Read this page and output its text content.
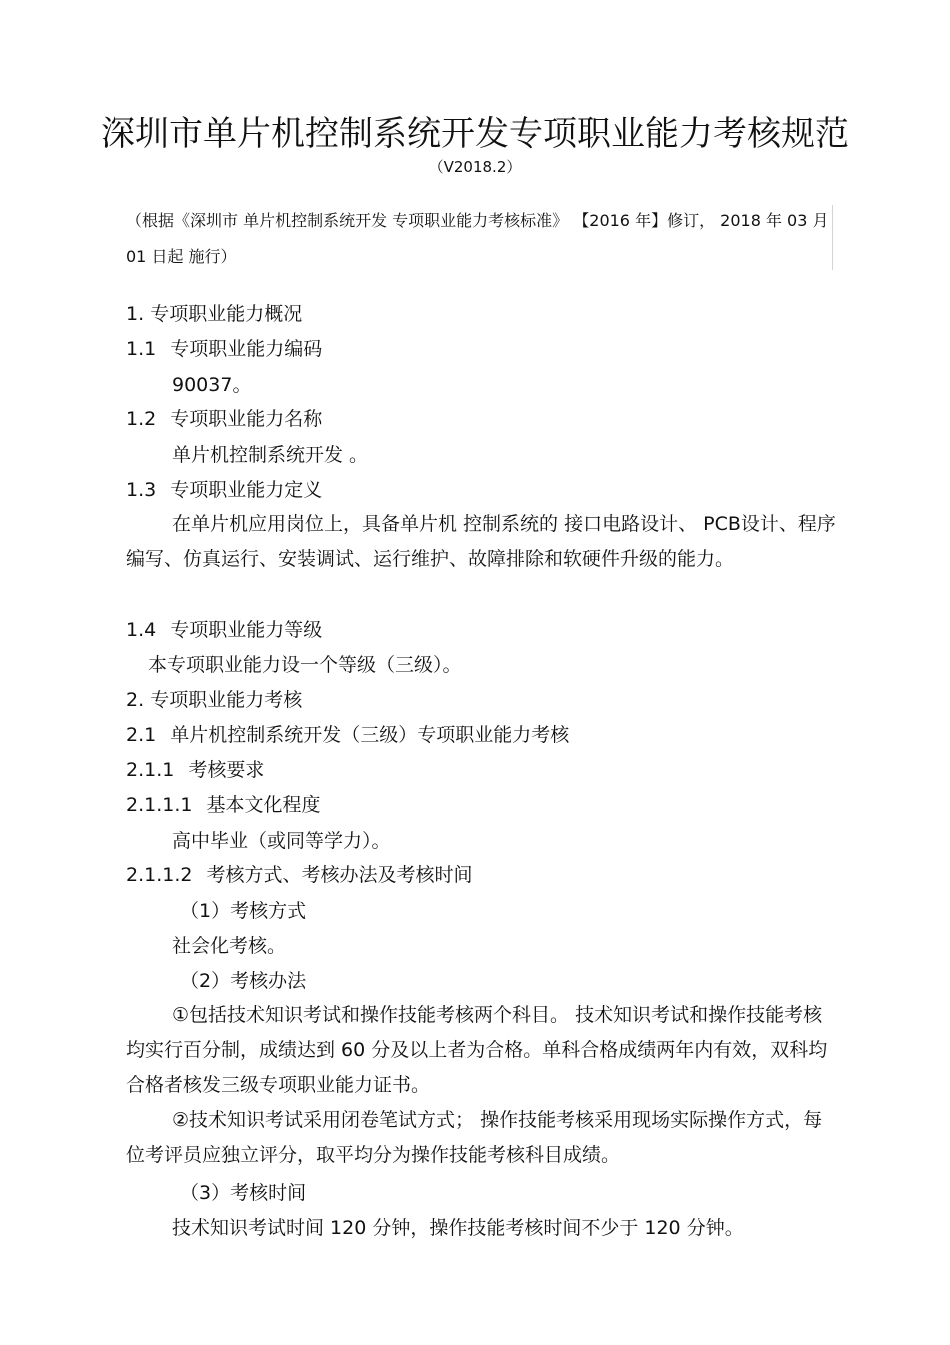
深圳市单片机控制系统开发专项职业能力考核规范
（V2018.2）
（根据《深圳市 单片机控制系统开发 专项职业能力考核标准》 【2016 年】修订， 2018 年 03 月 01 日起 施行）
1. 专项职业能力概况
1.1 专项职业能力编码
90037。
1.2 专项职业能力名称
单片机控制系统开发 。
1.3 专项职业能力定义
在单片机应用岗位上，具备单片机 控制系统的 接口电路设计、 PCB设计、程序编写、仿真运行、安装调试、运行维护、故障排除和软硬件升级的能力。
1.4 专项职业能力等级
本专项职业能力设一个等级（三级）。
2. 专项职业能力考核
2.1 单片机控制系统开发（三级）专项职业能力考核
2.1.1 考核要求
2.1.1.1 基本文化程度
高中毕业（或同等学力）。
2.1.1.2 考核方式、考核办法及考核时间
（1）考核方式
社会化考核。
（2）考核办法
①包括技术知识考试和操作技能考核两个科目。 技术知识考试和操作技能考核均实行百分制，成绩达到 60 分及以上者为合格。单科合格成绩两年内有效，双科均合格者核发三级专项职业能力证书。
②技术知识考试采用闭卷笔试方式； 操作技能考核采用现场实际操作方式，每位考评员应独立评分，取平均分为操作技能考核科目成绩。
（3）考核时间
技术知识考试时间 120 分钟，操作技能考核时间不少于 120 分钟。
